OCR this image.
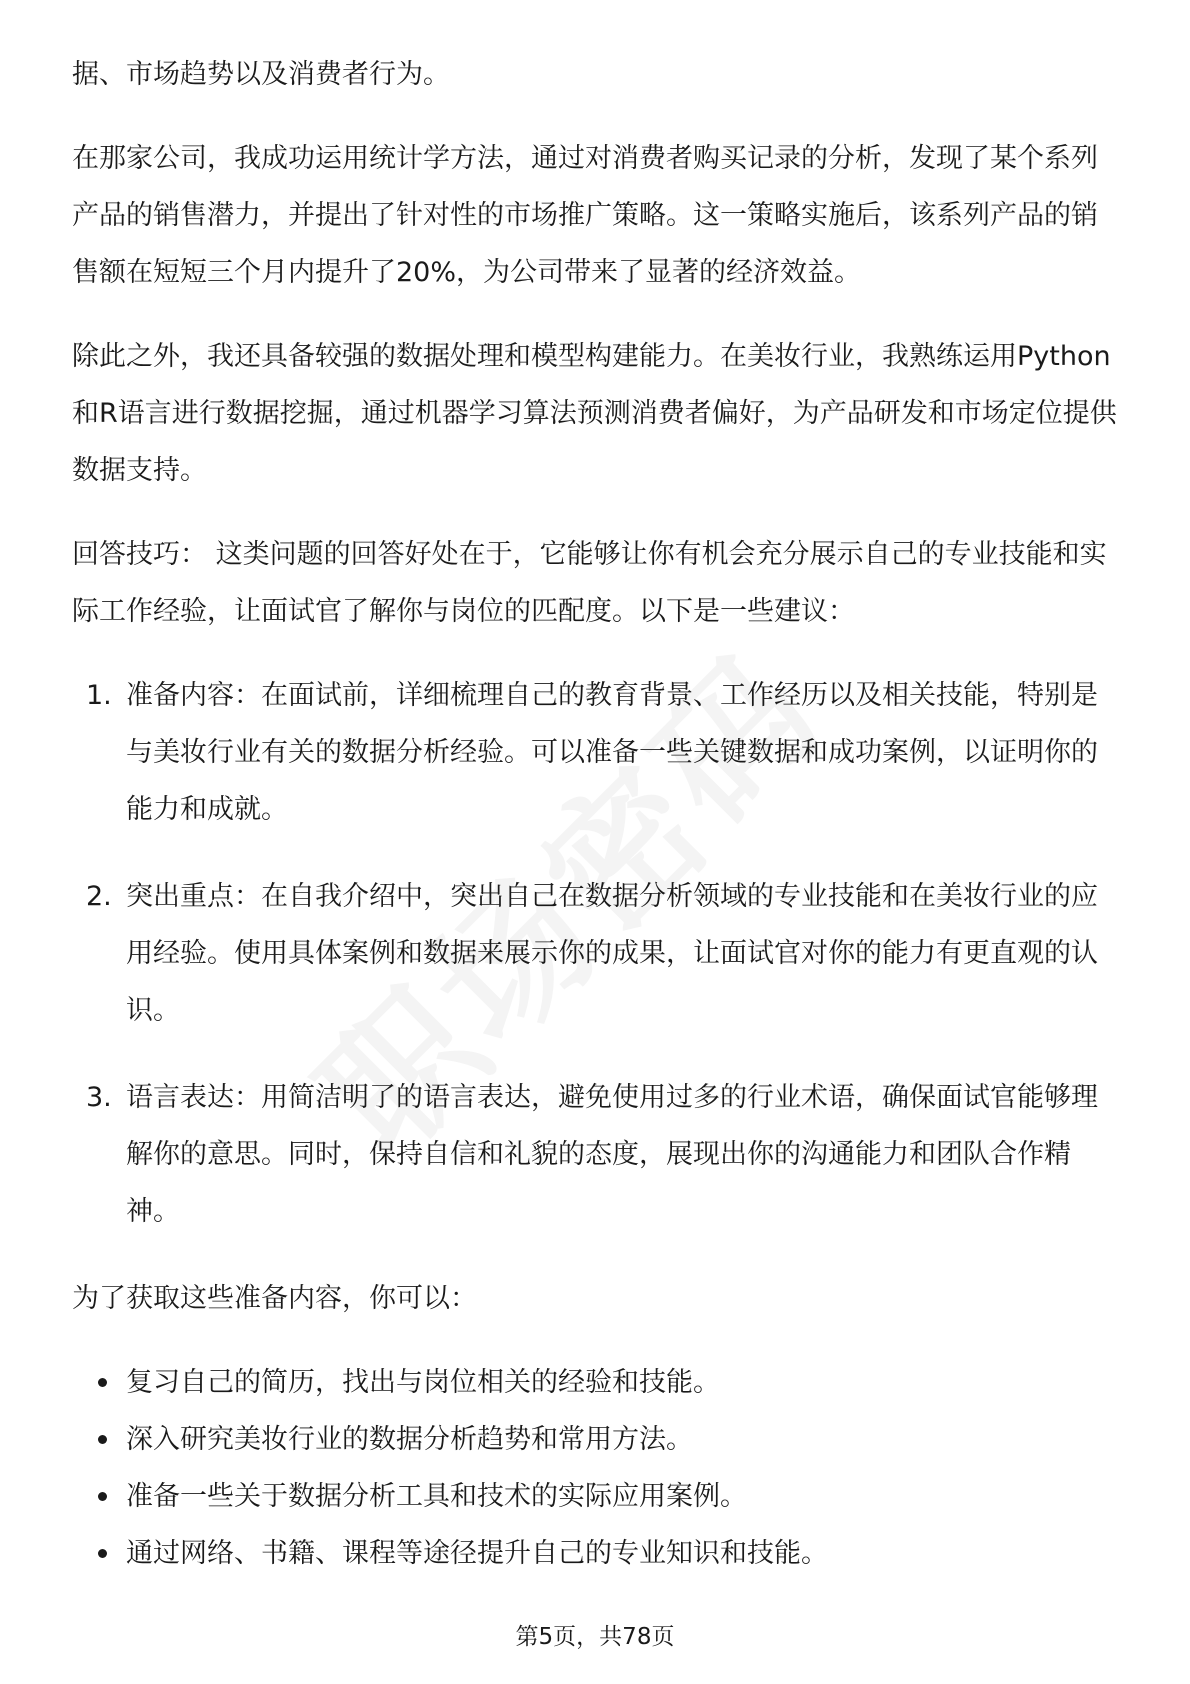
据、市场趋势以及消费者行为。

在那家公司，我成功运用统计学方法，通过对消费者购买记录的分析，发现了某个系列产品的销售潜力，并提出了针对性的市场推广策略。这一策略实施后，该系列产品的销售额在短短三个月内提升了20%，为公司带来了显著的经济效益。

除此之外，我还具备较强的数据处理和模型构建能力。在美妆行业，我熟练运用Python和R语言进行数据挖掘，通过机器学习算法预测消费者偏好，为产品研发和市场定位提供数据支持。

回答技巧： 这类问题的回答好处在于，它能够让你有机会充分展示自己的专业技能和实际工作经验，让面试官了解你与岗位的匹配度。以下是一些建议：

1. 准备内容：在面试前，详细梳理自己的教育背景、工作经历以及相关技能，特别是与美妆行业有关的数据分析经验。可以准备一些关键数据和成功案例，以证明你的能力和成就。
2. 突出重点：在自我介绍中，突出自己在数据分析领域的专业技能和在美妆行业的应用经验。使用具体案例和数据来展示你的成果，让面试官对你的能力有更直观的认识。
3. 语言表达：用简洁明了的语言表达，避免使用过多的行业术语，确保面试官能够理解你的意思。同时，保持自信和礼貌的态度，展现出你的沟通能力和团队合作精神。

为了获取这些准备内容，你可以：

复习自己的简历，找出与岗位相关的经验和技能。
深入研究美妆行业的数据分析趋势和常用方法。
准备一些关于数据分析工具和技术的实际应用案例。
通过网络、书籍、课程等途径提升自己的专业知识和技能。
第5页，共78页
